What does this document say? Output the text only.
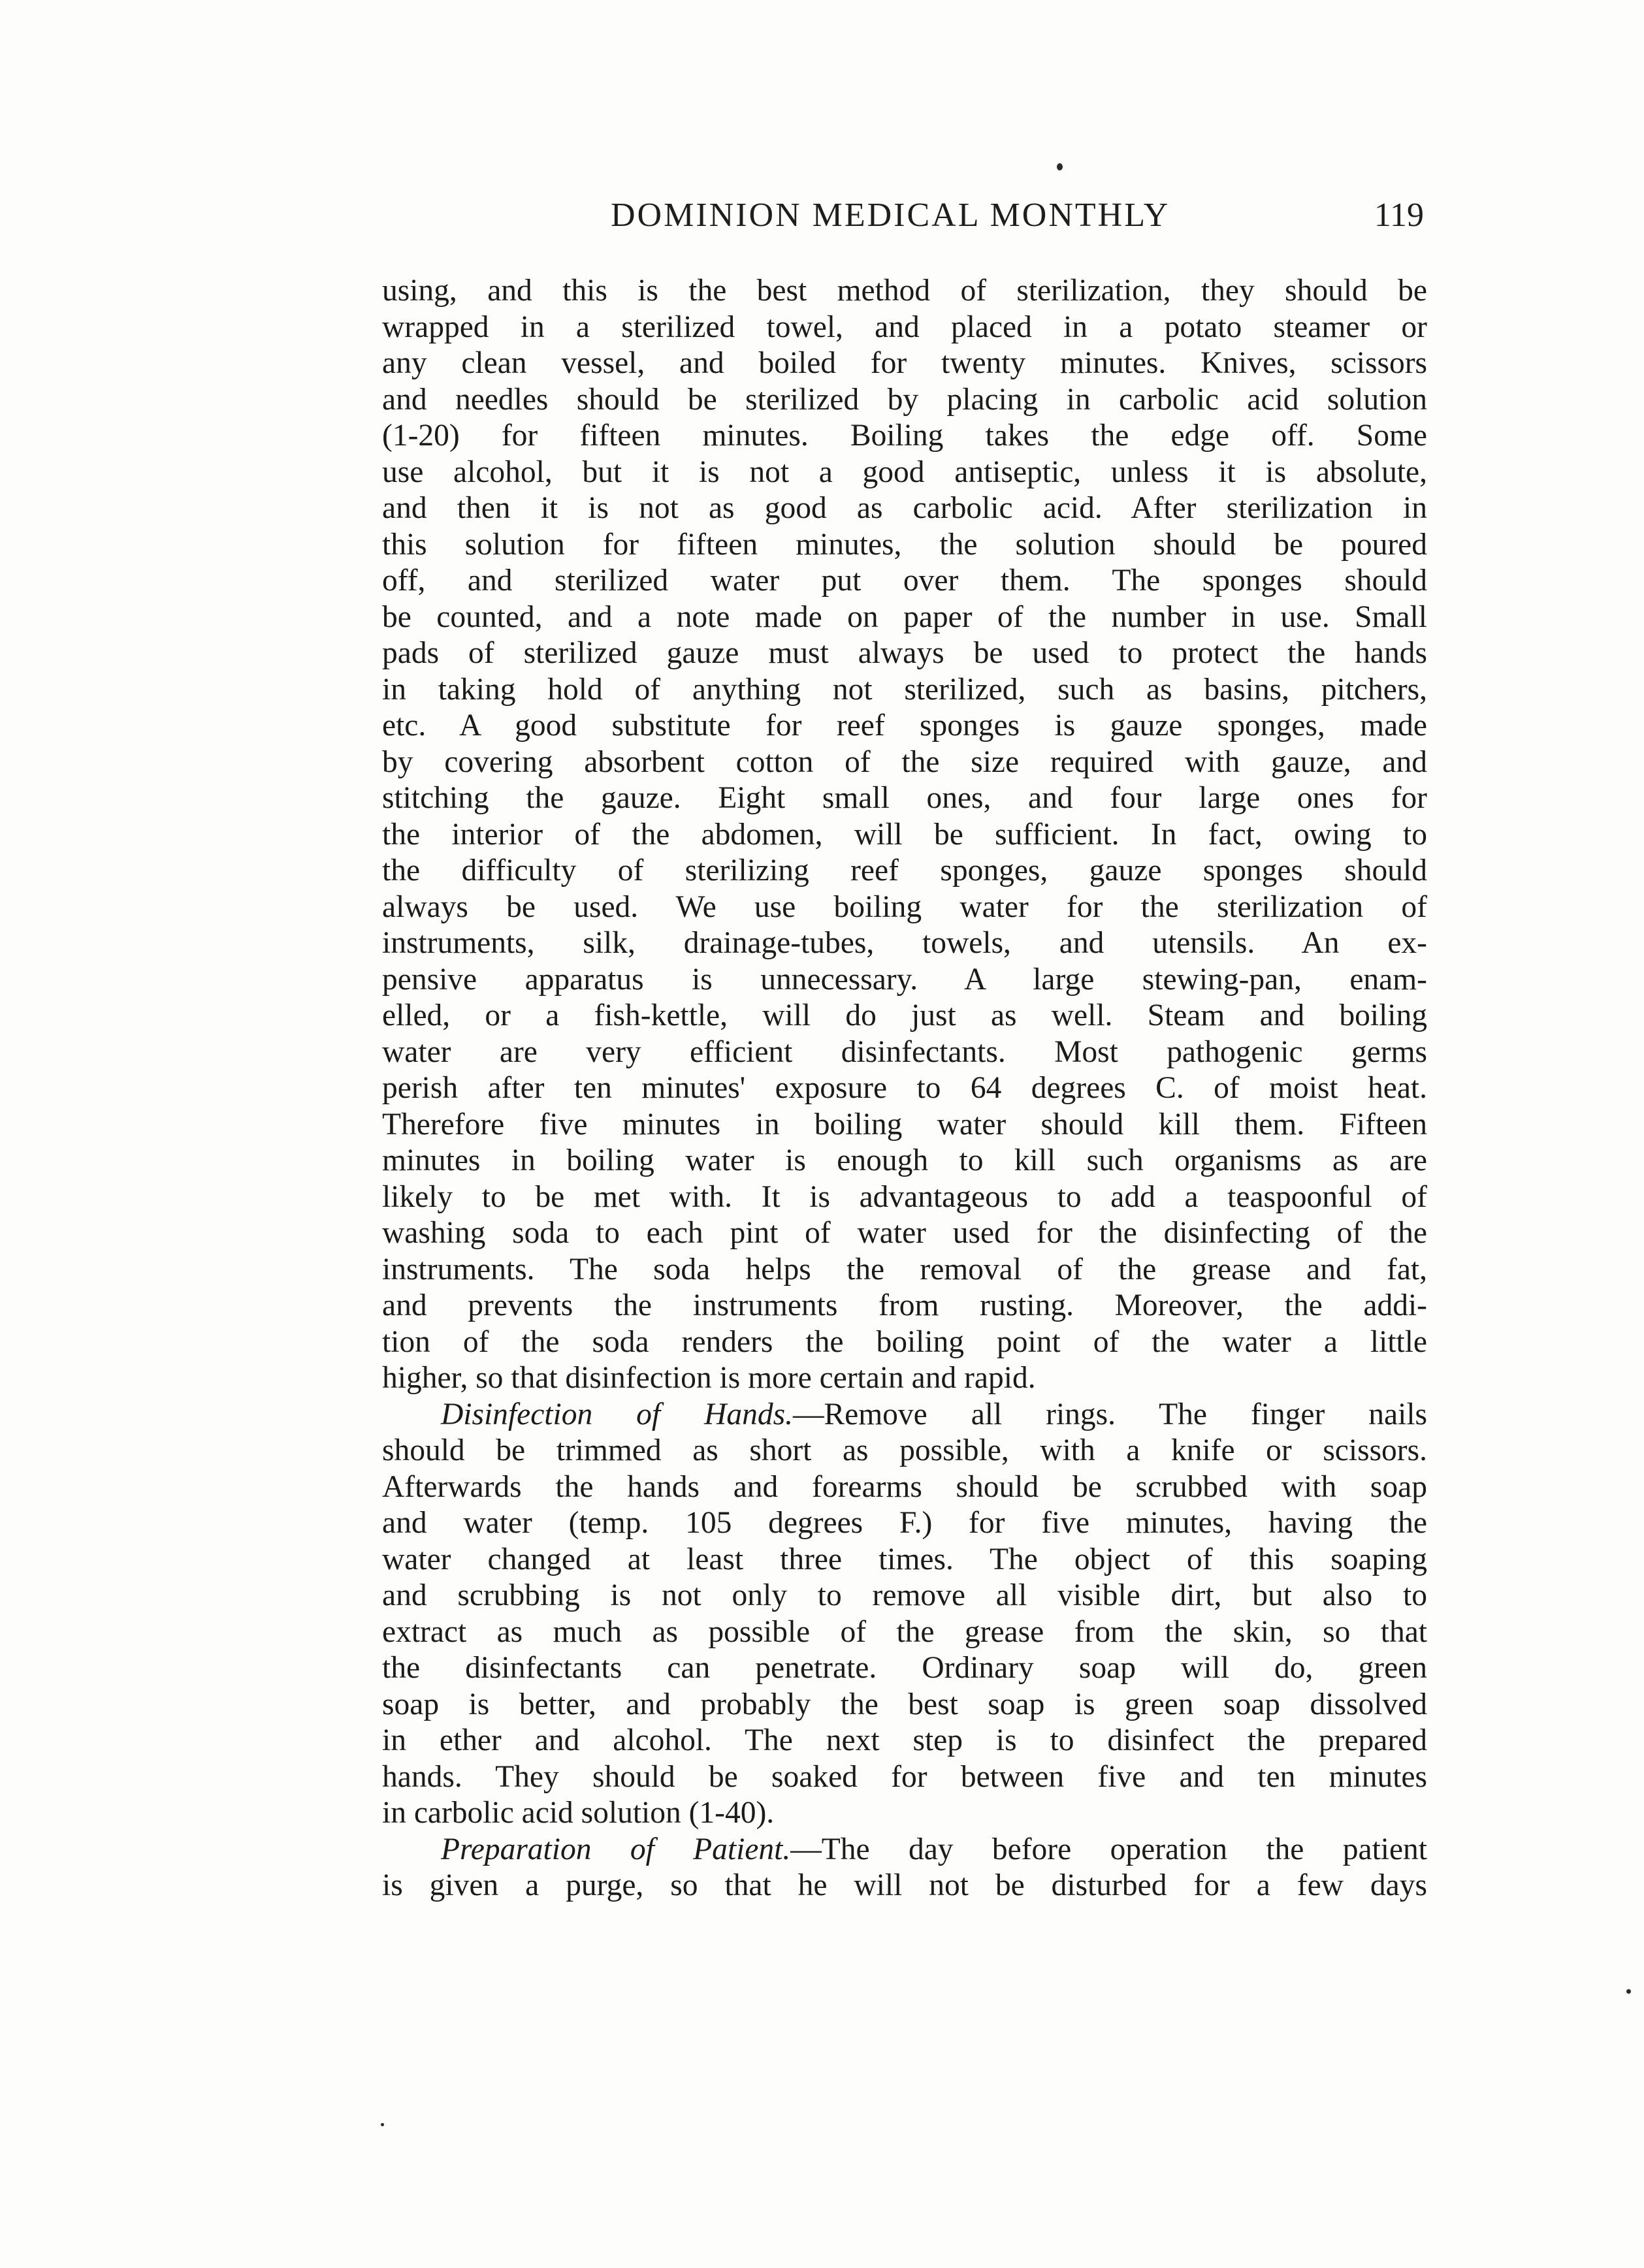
DOMINION MEDICAL MONTHLY	119
using, and this is the best method of sterilization, they should be
wrapped in a sterilized towel, and placed in a potato steamer or
any clean vessel, and boiled for twenty minutes. Knives, scissors
and needles should be sterilized by placing in carbolic acid solution
(1-20) for fifteen minutes. Boiling takes the edge off. Some
use alcohol, but it is not a good antiseptic, unless it is absolute,
and then it is not as good as carbolic acid. After sterilization in
this solution for fifteen minutes, the solution should be poured
off, and sterilized water put over them. The sponges should
be counted, and a note made on paper of the number in use. Small
pads of sterilized gauze must always be used to protect the hands
in taking hold of anything not sterilized, such as basins, pitchers,
etc. A good substitute for reef sponges is gauze sponges, made
by covering absorbent cotton of the size required with gauze, and
stitching the gauze. Eight small ones, and four large ones for
the interior of the abdomen, will be sufficient. In fact, owing to
the difficulty of sterilizing reef sponges, gauze sponges should
always be used. We use boiling water for the sterilization of
instruments, silk, drainage-tubes, towels, and utensils. An ex-
pensive apparatus is unnecessary. A large stewing-pan, enam-
elled, or a fish-kettle, will do just as well. Steam and boiling
water are very efficient disinfectants. Most pathogenic germs
perish after ten minutes' exposure to 64 degrees C. of moist heat.
Therefore five minutes in boiling water should kill them. Fifteen
minutes in boiling water is enough to kill such organisms as are
likely to be met with. It is advantageous to add a teaspoonful of
washing soda to each pint of water used for the disinfecting of the
instruments. The soda helps the removal of the grease and fat,
and prevents the instruments from rusting. Moreover, the addi-
tion of the soda renders the boiling point of the water a little
higher, so that disinfection is more certain and rapid.
Disinfection of Hands.—Remove all rings. The finger nails
should be trimmed as short as possible, with a knife or scissors.
Afterwards the hands and forearms should be scrubbed with soap
and water (temp. 105 degrees F.) for five minutes, having the
water changed at least three times. The object of this soaping
and scrubbing is not only to remove all visible dirt, but also to
extract as much as possible of the grease from the skin, so that
the disinfectants can penetrate. Ordinary soap will do, green
soap is better, and probably the best soap is green soap dissolved
in ether and alcohol. The next step is to disinfect the prepared
hands. They should be soaked for between five and ten minutes
in carbolic acid solution (1-40).
Preparation of Patient.—The day before operation the patient
is given a purge, so that he will not be disturbed for a few days
